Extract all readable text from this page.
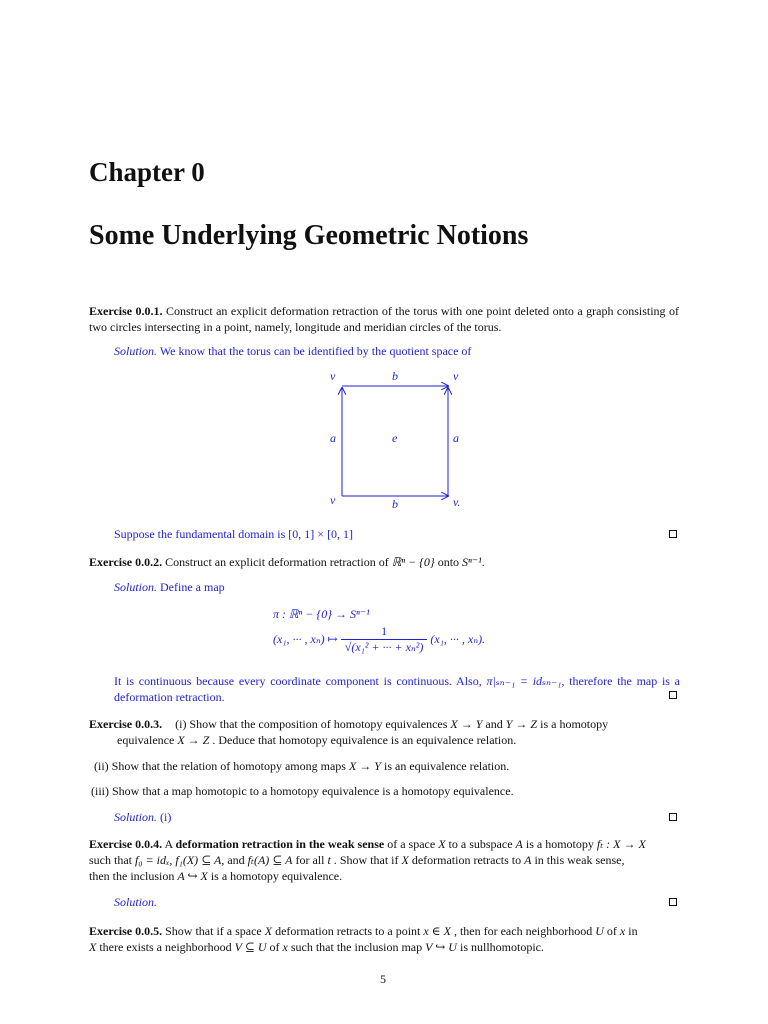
Chapter 0
Some Underlying Geometric Notions
Exercise 0.0.1. Construct an explicit deformation retraction of the torus with one point deleted onto a graph consisting of two circles intersecting in a point, namely, longitude and meridian circles of the torus.
Solution. We know that the torus can be identified by the quotient space of
v	v
v	v.
b
b
a	a
e
Suppose the fundamental domain is [0, 1] × [0, 1]
Exercise 0.0.2. Construct an explicit deformation retraction of ℝⁿ − {0} onto Sⁿ⁻¹.
Solution. Define a map
π : ℝⁿ − {0} → Sⁿ⁻¹
(x₁, ··· , xₙ) ↦ $\frac{1}{\text{√(x₁² + ··· + xₙ²)}} (x_1$, ··· , xₙ).
It is continuous because every coordinate component is continuous. Also, π|ₛₙ₋₁ = idₛₙ₋₁, therefore the map is a deformation retraction.
Exercise 0.0.3. (i) Show that the composition of homotopy equivalences X → Y and Y → Z is a homotopy
equivalence X → Z . Deduce that homotopy equivalence is an equivalence relation.
(ii) Show that the relation of homotopy among maps X → Y is an equivalence relation.
(iii) Show that a map homotopic to a homotopy equivalence is a homotopy equivalence.
Solution. (i)
Exercise 0.0.4. A deformation retraction in the weak sense of a space X to a subspace A is a homotopy fₜ : X → X
such that f₀ = idₓ, f₁(X) ⊆ A, and fₜ(A) ⊆ A for all t . Show that if X deformation retracts to A in this weak sense,
then the inclusion A ↪ X is a homotopy equivalence.
Solution.
Exercise 0.0.5. Show that if a space X deformation retracts to a point x ∈ X , then for each neighborhood U of x in
X there exists a neighborhood V ⊆ U of x such that the inclusion map V ↪ U is nullhomotopic.
5
